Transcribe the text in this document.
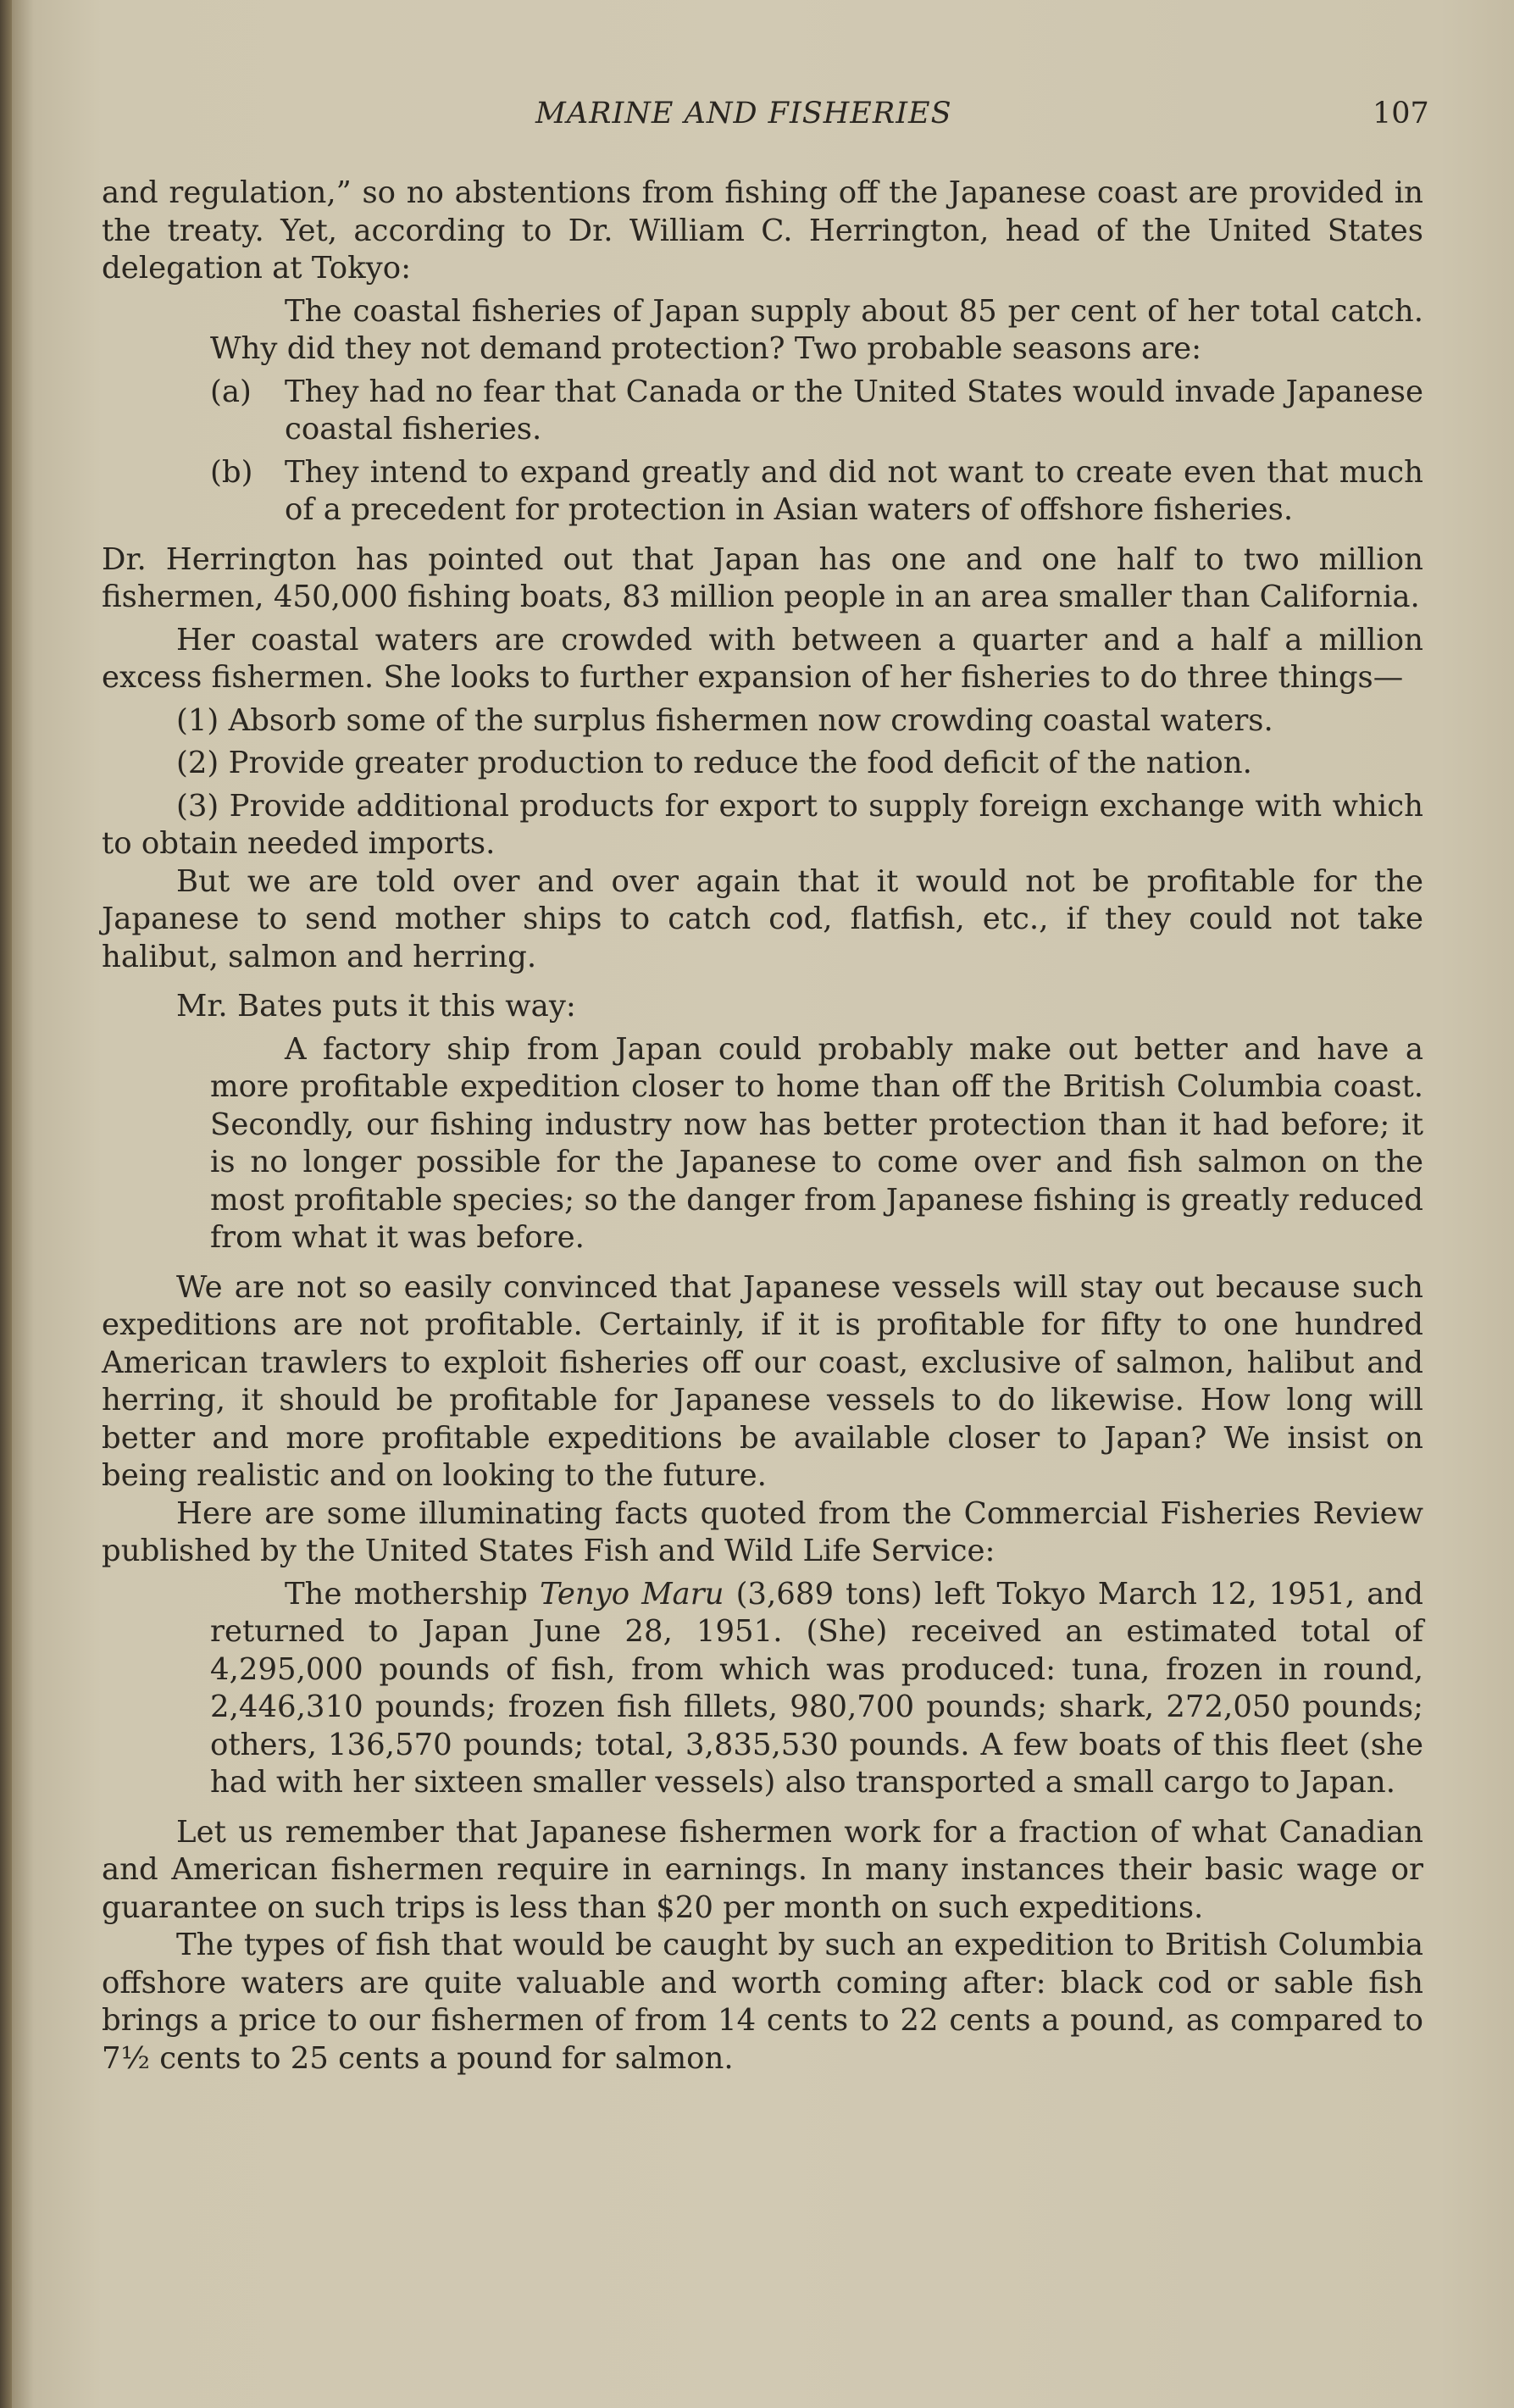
MARINE AND FISHERIES	107

and regulation,” so no abstentions from fishing off the Japanese coast are provided in the treaty. Yet, according to Dr. William C. Herrington, head of the United States delegation at Tokyo:

The coastal fisheries of Japan supply about 85 per cent of her total catch. Why did they not demand protection? Two probable seasons are:

(a)	They had no fear that Canada or the United States would invade Japanese coastal fisheries.
(b)	They intend to expand greatly and did not want to create even that much of a precedent for protection in Asian waters of offshore fisheries.

Dr. Herrington has pointed out that Japan has one and one half to two million fishermen, 450,000 fishing boats, 83 million people in an area smaller than California.

Her coastal waters are crowded with between a quarter and a half a million excess fishermen. She looks to further expansion of her fisheries to do three things—

(1) Absorb some of the surplus fishermen now crowding coastal waters.

(2) Provide greater production to reduce the food deficit of the nation.

(3) Provide additional products for export to supply foreign exchange with which to obtain needed imports.

But we are told over and over again that it would not be profitable for the Japanese to send mother ships to catch cod, flatfish, etc., if they could not take halibut, salmon and herring.

Mr. Bates puts it this way:

A factory ship from Japan could probably make out better and have a more profitable expedition closer to home than off the British Columbia coast. Secondly, our fishing industry now has better protection than it had before; it is no longer possible for the Japanese to come over and fish salmon on the most profitable species; so the danger from Japanese fishing is greatly reduced from what it was before.

We are not so easily convinced that Japanese vessels will stay out because such expeditions are not profitable. Certainly, if it is profitable for fifty to one hundred American trawlers to exploit fisheries off our coast, exclusive of salmon, halibut and herring, it should be profitable for Japanese vessels to do likewise. How long will better and more profitable expeditions be available closer to Japan? We insist on being realistic and on looking to the future.

Here are some illuminating facts quoted from the Commercial Fisheries Review published by the United States Fish and Wild Life Service:

The mothership Tenyo Maru (3,689 tons) left Tokyo March 12, 1951, and returned to Japan June 28, 1951. (She) received an estimated total of 4,295,000 pounds of fish, from which was produced: tuna, frozen in round, 2,446,310 pounds; frozen fish fillets, 980,700 pounds; shark, 272,050 pounds; others, 136,570 pounds; total, 3,835,530 pounds. A few boats of this fleet (she had with her sixteen smaller vessels) also transported a small cargo to Japan.

Let us remember that Japanese fishermen work for a fraction of what Canadian and American fishermen require in earnings. In many instances their basic wage or guarantee on such trips is less than $20 per month on such expeditions.

The types of fish that would be caught by such an expedition to British Columbia offshore waters are quite valuable and worth coming after: black cod or sable fish brings a price to our fishermen of from 14 cents to 22 cents a pound, as compared to 7½ cents to 25 cents a pound for salmon.
